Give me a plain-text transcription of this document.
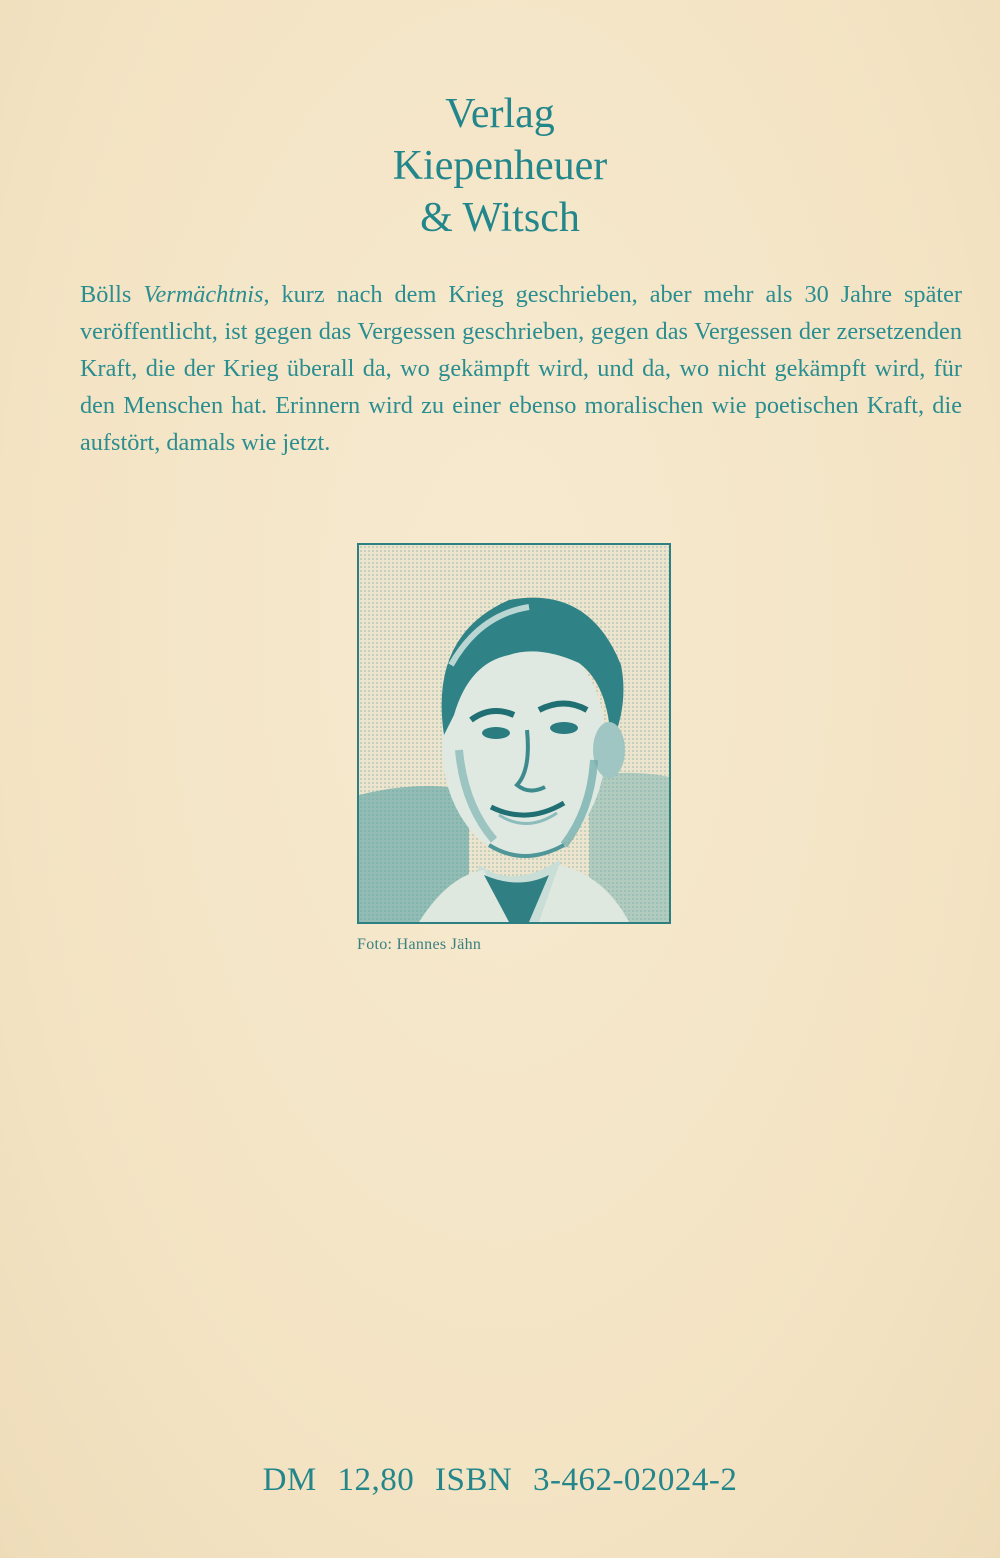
Verlag
Kiepenheuer
& Witsch
Bölls Vermächtnis, kurz nach dem Krieg geschrieben, aber mehr als 30 Jahre später veröffentlicht, ist gegen das Vergessen geschrieben, gegen das Vergessen der zersetzenden Kraft, die der Krieg überall da, wo gekämpft wird, und da, wo nicht gekämpft wird, für den Menschen hat. Erinnern wird zu einer ebenso moralischen wie poetischen Kraft, die aufstört, damals wie jetzt.
Foto: Hannes Jähn
DM 12,80 ISBN 3-462-02024-2
